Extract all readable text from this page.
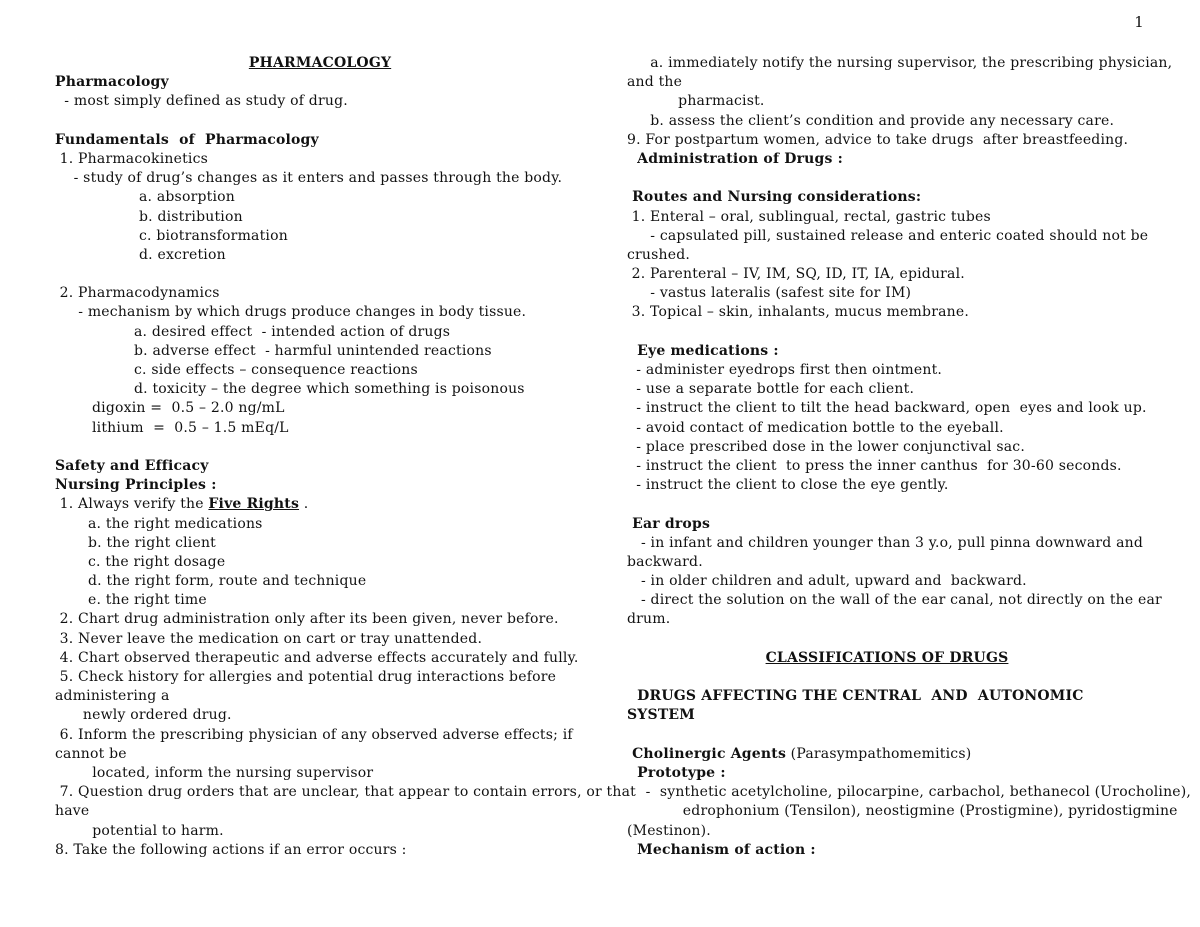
1
PHARMACOLOGY
Pharmacology
- most simply defined as study of drug.
Fundamentals  of  Pharmacology
1. Pharmacokinetics
- study of drug’s changes as it enters and passes through the body.
a. absorption
b. distribution
c. biotransformation
d. excretion
2. Pharmacodynamics
- mechanism by which drugs produce changes in body tissue.
a. desired effect  - intended action of drugs
b. adverse effect  - harmful unintended reactions
c. side effects – consequence reactions
d. toxicity – the degree which something is poisonous
digoxin =  0.5 – 2.0 ng/mL
lithium  =  0.5 – 1.5 mEq/L
Safety and Efficacy
Nursing Principles :
1. Always verify the Five Rights .
a. the right medications
b. the right client
c. the right dosage
d. the right form, route and technique
e. the right time
2. Chart drug administration only after its been given, never before.
3. Never leave the medication on cart or tray unattended.
4. Chart observed therapeutic and adverse effects accurately and fully.
5. Check history for allergies and potential drug interactions before
administering a
newly ordered drug.
6. Inform the prescribing physician of any observed adverse effects; if
cannot be
located, inform the nursing supervisor
7. Question drug orders that are unclear, that appear to contain errors, or that
have
potential to harm.
8. Take the following actions if an error occurs :
a. immediately notify the nursing supervisor, the prescribing physician,
and the
pharmacist.
b. assess the client’s condition and provide any necessary care.
9. For postpartum women, advice to take drugs  after breastfeeding.
Administration of Drugs :
Routes and Nursing considerations:
1. Enteral – oral, sublingual, rectal, gastric tubes
- capsulated pill, sustained release and enteric coated should not be
crushed.
2. Parenteral – IV, IM, SQ, ID, IT, IA, epidural.
- vastus lateralis (safest site for IM)
3. Topical – skin, inhalants, mucus membrane.
Eye medications :
- administer eyedrops first then ointment.
- use a separate bottle for each client.
- instruct the client to tilt the head backward, open  eyes and look up.
- avoid contact of medication bottle to the eyeball.
- place prescribed dose in the lower conjunctival sac.
- instruct the client  to press the inner canthus  for 30-60 seconds.
- instruct the client to close the eye gently.
Ear drops
- in infant and children younger than 3 y.o, pull pinna downward and
backward.
- in older children and adult, upward and  backward.
- direct the solution on the wall of the ear canal, not directly on the ear
drum.
CLASSIFICATIONS OF DRUGS
DRUGS AFFECTING THE CENTRAL  AND  AUTONOMIC
SYSTEM
Cholinergic Agents (Parasympathomemitics)
Prototype :
-  synthetic acetylcholine, pilocarpine, carbachol, bethanecol (Urocholine),
edrophonium (Tensilon), neostigmine (Prostigmine), pyridostigmine
(Mestinon).
Mechanism of action :
